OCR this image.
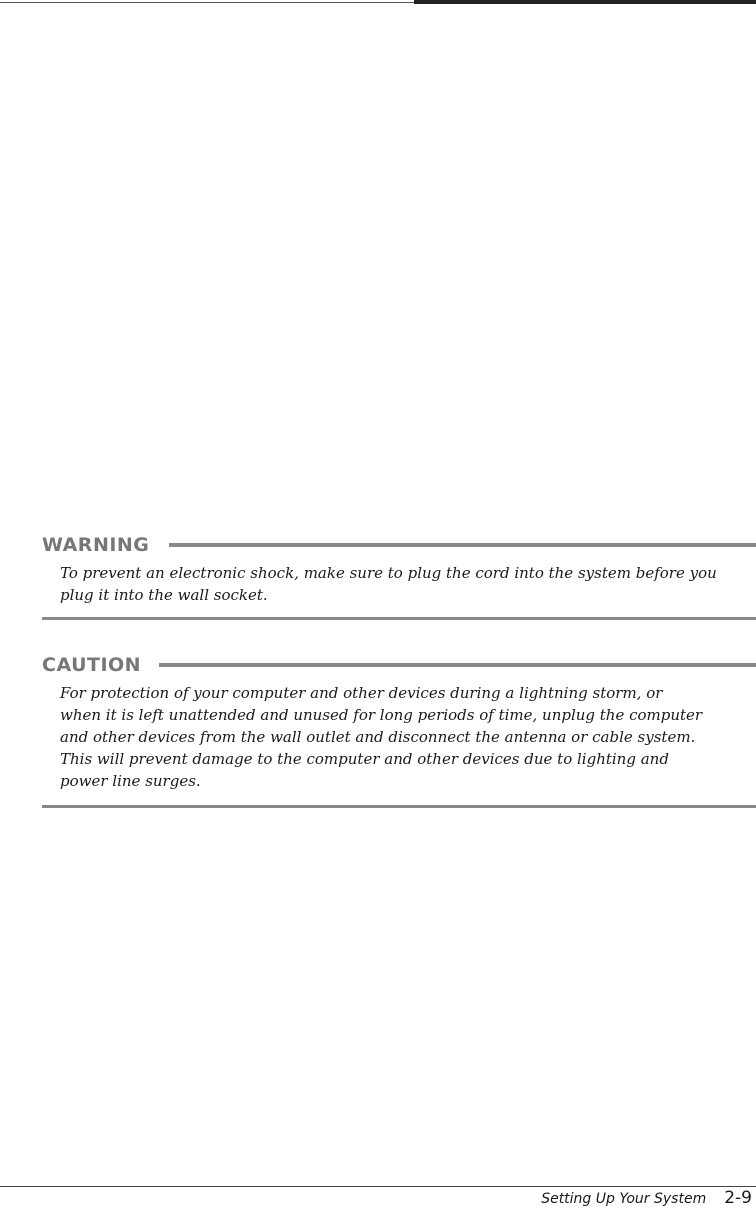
WARNING

To prevent an electronic shock, make sure to plug the cord into the system before you

plug it into the wall socket.

CAUTION

For protection of your computer and other devices during a lightning storm, or

when it is left unattended and unused for long periods of time, unplug the computer

and other devices from the wall outlet and disconnect the antenna or cable system.

This will prevent damage to the computer and other devices due to lighting and

power line surges.

Setting Up Your System 2-9
